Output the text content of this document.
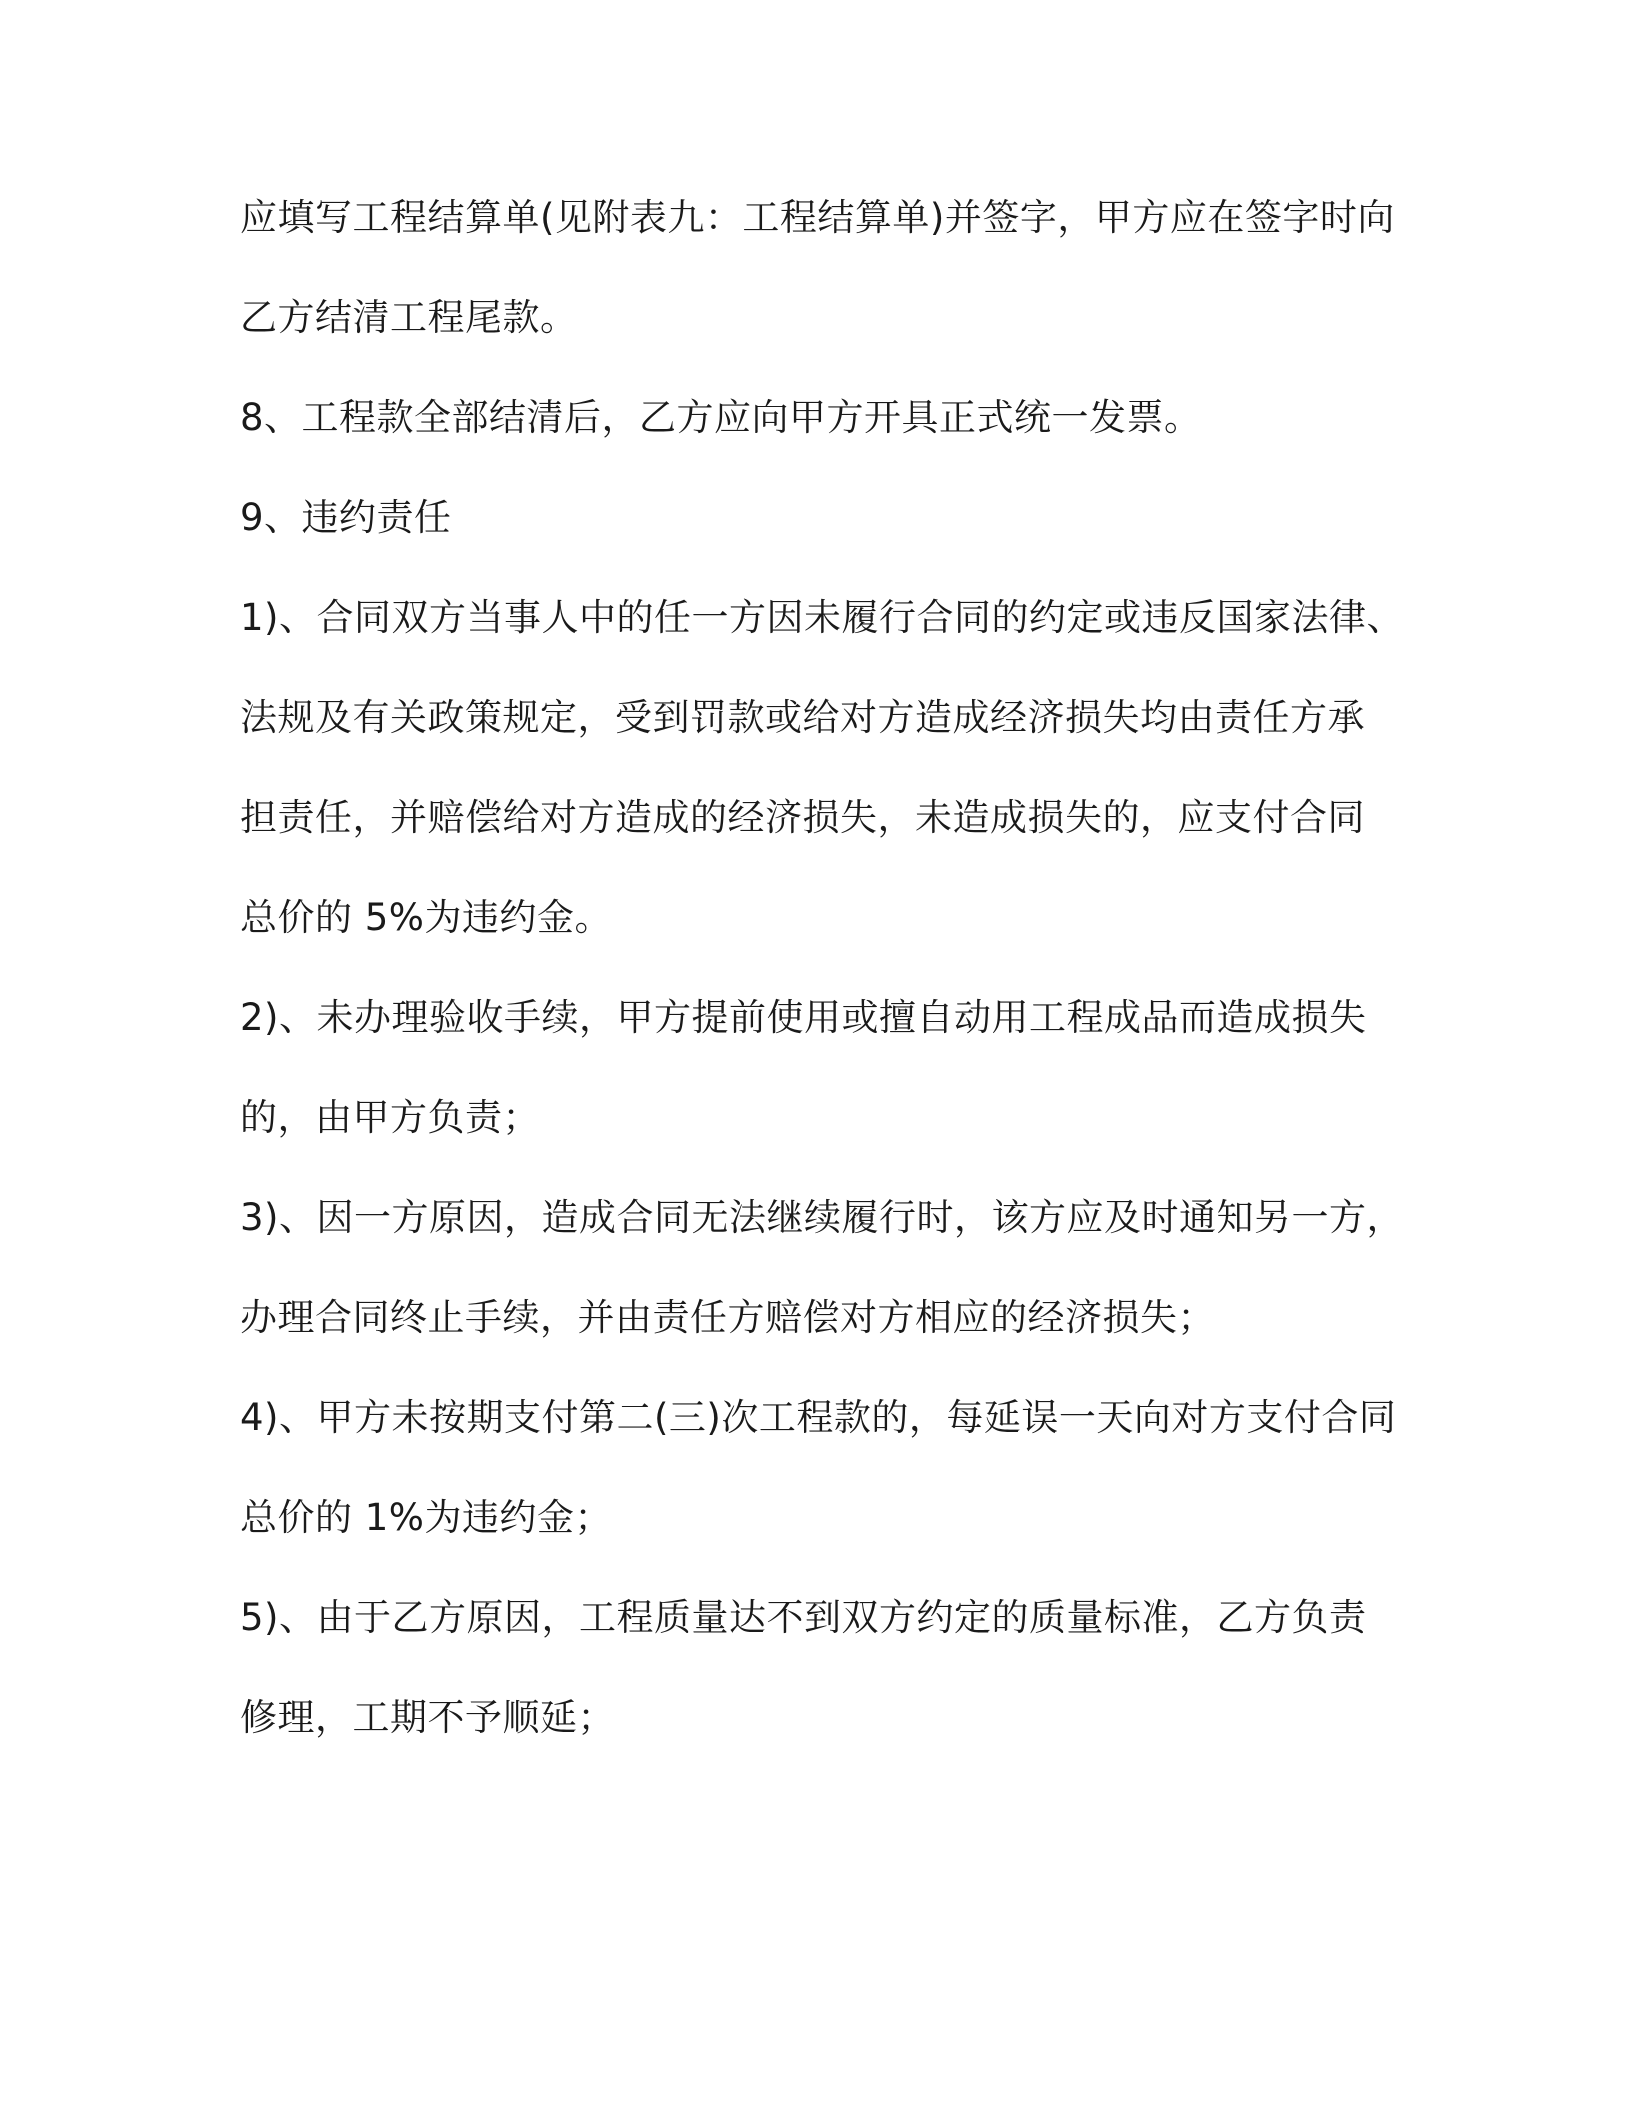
应填写工程结算单(见附表九：工程结算单)并签字，甲方应在签字时向

乙方结清工程尾款。

8、工程款全部结清后，乙方应向甲方开具正式统一发票。

9、违约责任

1)、合同双方当事人中的任一方因未履行合同的约定或违反国家法律、

法规及有关政策规定，受到罚款或给对方造成经济损失均由责任方承

担责任，并赔偿给对方造成的经济损失，未造成损失的，应支付合同

总价的 5%为违约金。

2)、未办理验收手续，甲方提前使用或擅自动用工程成品而造成损失

的，由甲方负责；

3)、因一方原因，造成合同无法继续履行时，该方应及时通知另一方，

办理合同终止手续，并由责任方赔偿对方相应的经济损失；

4)、甲方未按期支付第二(三)次工程款的，每延误一天向对方支付合同

总价的 1%为违约金；

5)、由于乙方原因，工程质量达不到双方约定的质量标准，乙方负责

修理，工期不予顺延；
